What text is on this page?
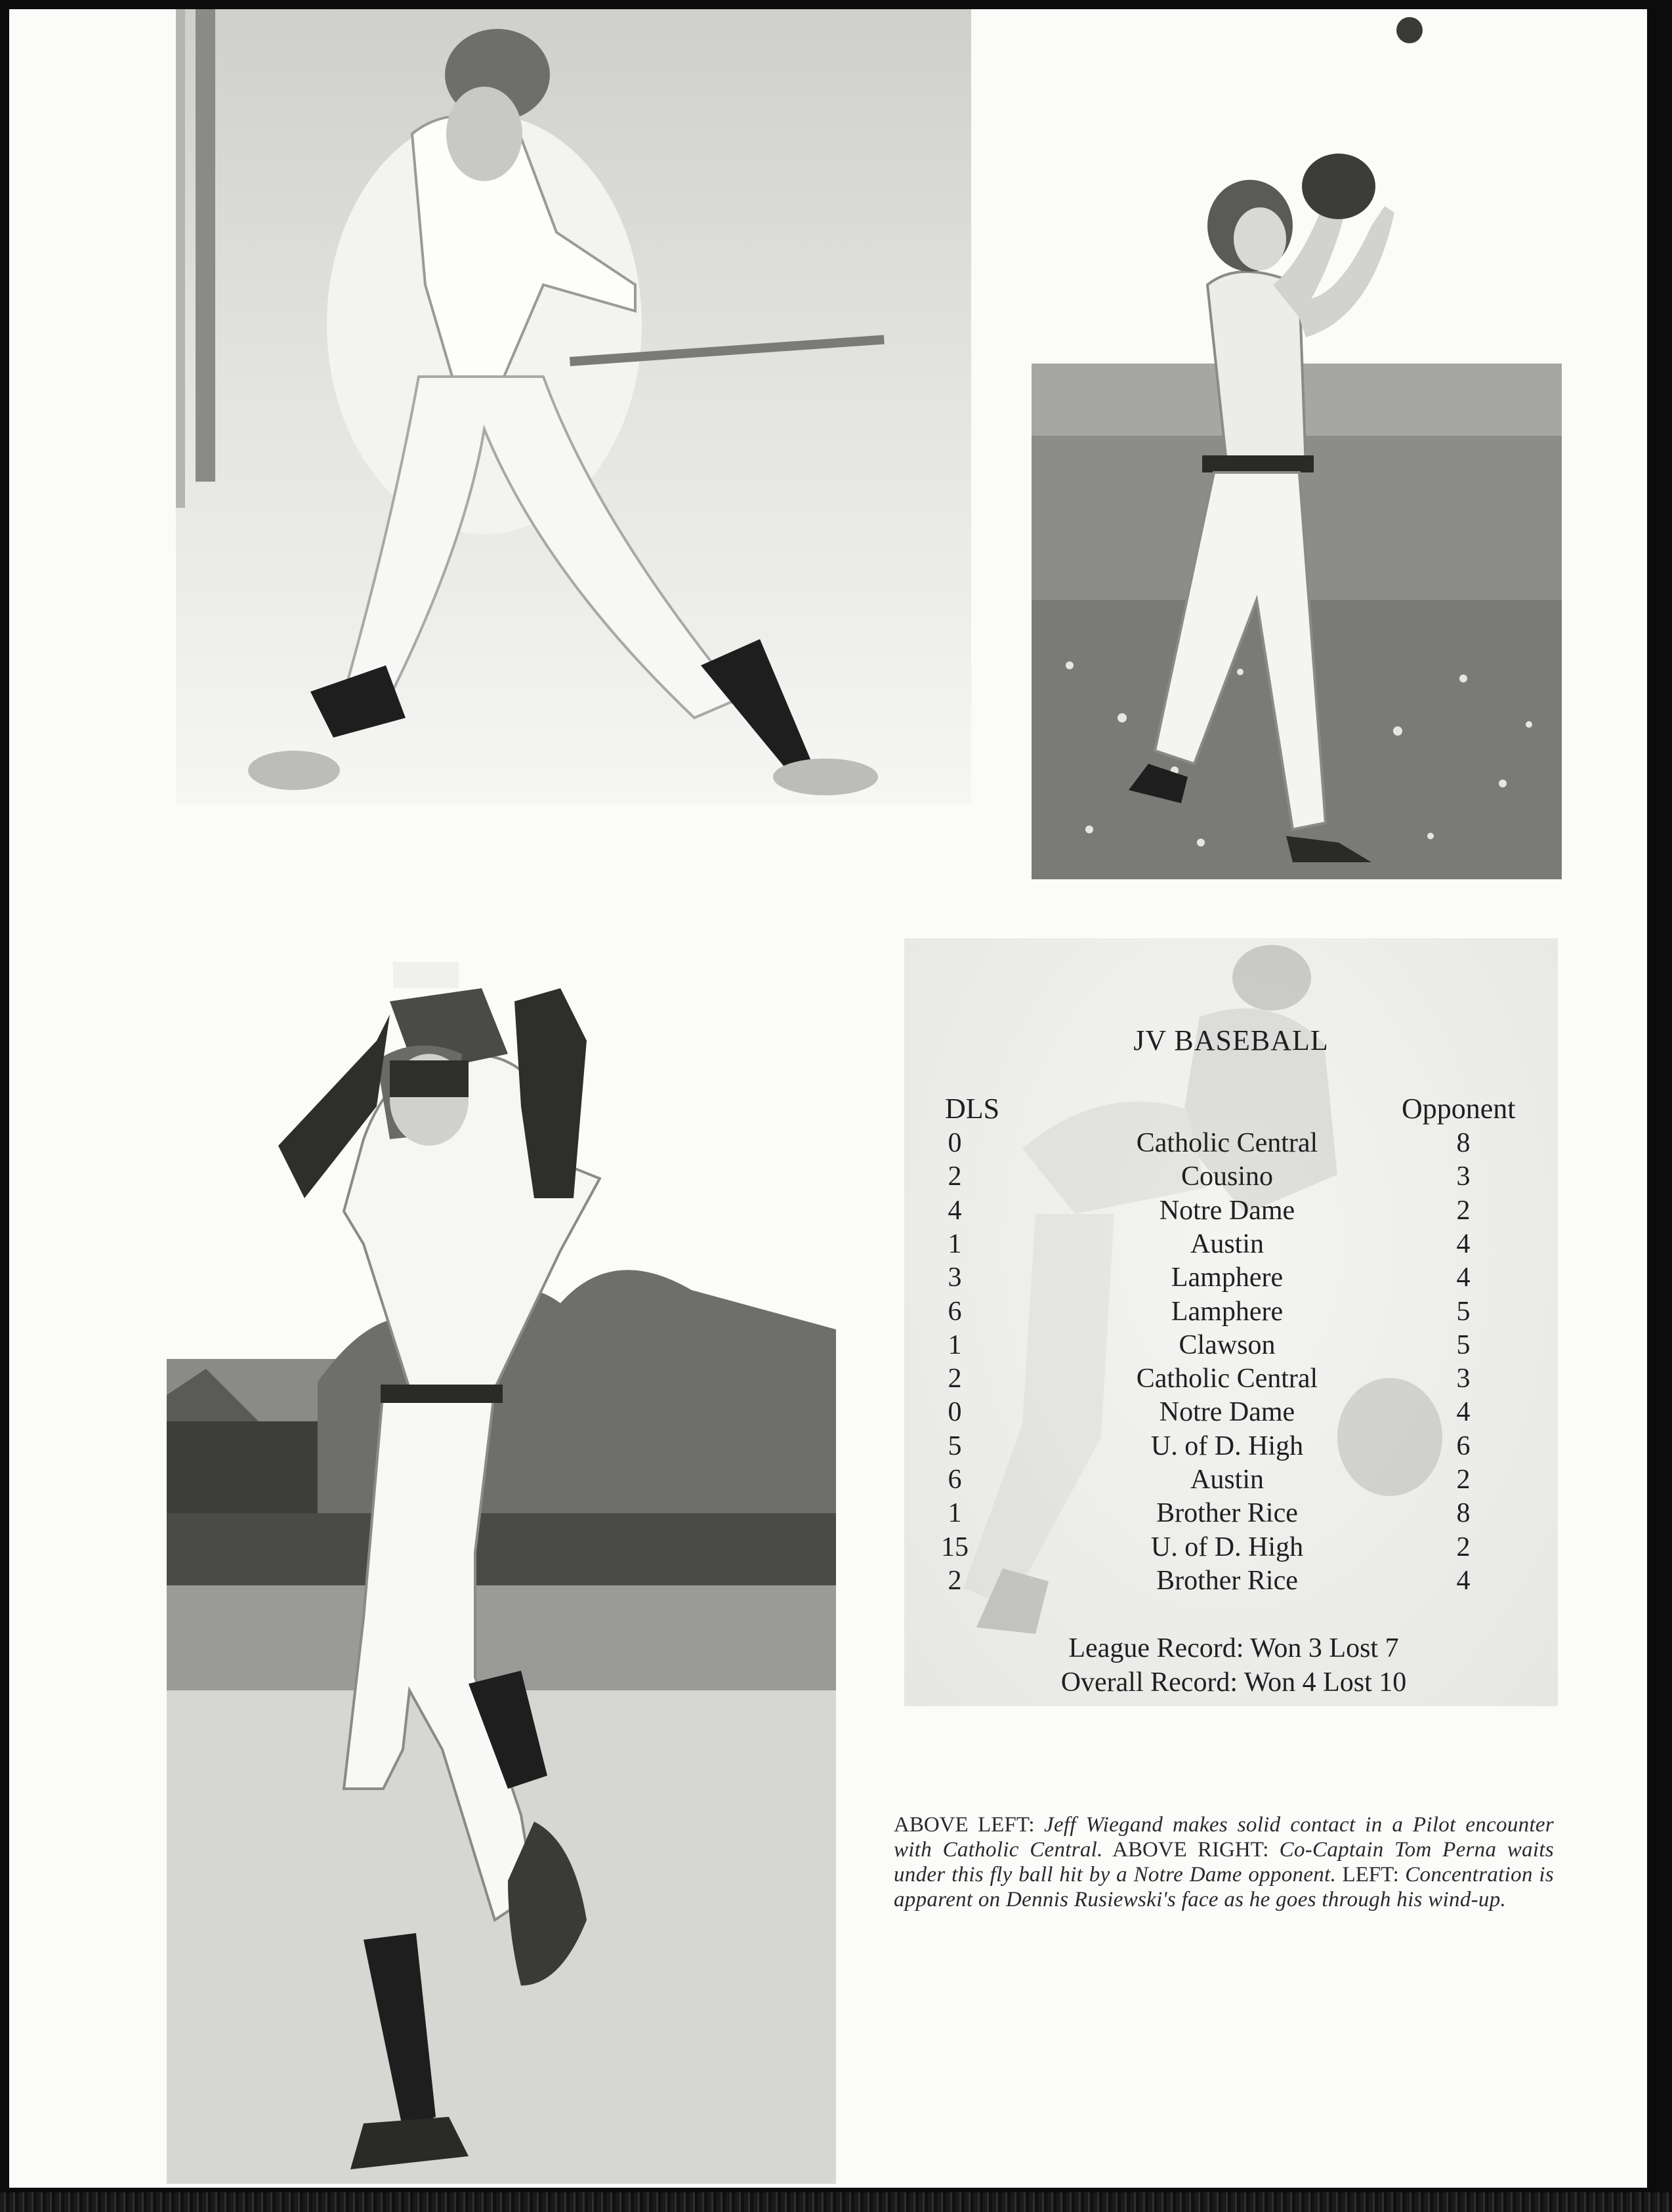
JV BASEBALL
DLS	Opponent
0	Catholic Central	8
2	Cousino	3
4	Notre Dame	2
1	Austin	4
3	Lamphere	4
6	Lamphere	5
1	Clawson	5
2	Catholic Central	3
0	Notre Dame	4
5	U. of D. High	6
6	Austin	2
1	Brother Rice	8
15	U. of D. High	2
2	Brother Rice	4
League Record: Won 3 Lost 7
Overall Record: Won 4 Lost 10
ABOVE LEFT: Jeff Wiegand makes solid contact in a Pilot encounter with Catholic Central. ABOVE RIGHT: Co-Captain Tom Perna waits under this fly ball hit by a Notre Dame opponent. LEFT: Concentration is apparent on Dennis Rusiewski's face as he goes through his wind-up.
